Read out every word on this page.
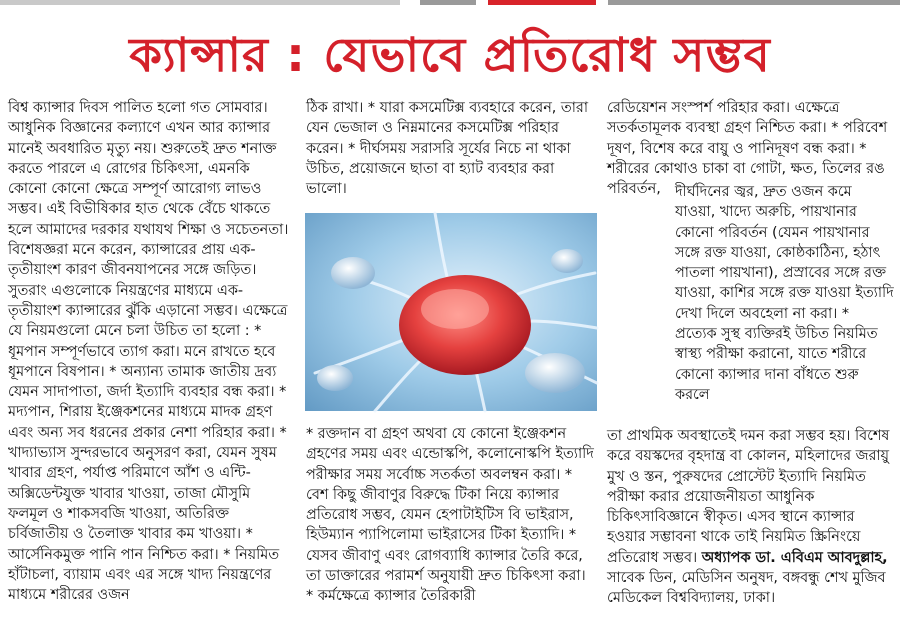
ক্যান্সার : যেভাবে প্রতিরোধ সম্ভব
বিশ্ব ক্যান্সার দিবস পালিত হলো গত সোমবার। আধুনিক বিজ্ঞানের কল্যাণে এখন আর ক্যান্সার মানেই অবধারিত মৃত্যু নয়। শুরুতেই দ্রুত শনাক্ত করতে পারলে এ রোগের চিকিৎসা, এমনকি কোনো কোনো ক্ষেত্রে সম্পূর্ণ আরোগ্য লাভও সম্ভব। এই বিভীষিকার হাত থেকে বেঁচে থাকতে হলে আমাদের দরকার যথাযথ শিক্ষা ও সচেতনতা। বিশেষজ্ঞরা মনে করেন, ক্যান্সারের প্রায় এক-তৃতীয়াংশ কারণ জীবনযাপনের সঙ্গে জড়িত। সুতরাং এগুলোকে নিয়ন্ত্রণের মাধ্যমে এক-তৃতীয়াংশ ক্যান্সারের ঝুঁকি এড়ানো সম্ভব। এক্ষেত্রে যে নিয়মগুলো মেনে চলা উচিত তা হলো : * ধূমপান সম্পূর্ণভাবে ত্যাগ করা। মনে রাখতে হবে ধূমপানে বিষপান। * অন্যান্য তামাক জাতীয় দ্রব্য যেমন সাদাপাতা, জর্দা ইত্যাদি ব্যবহার বন্ধ করা। * মদ্যপান, শিরায় ইঞ্জেকশনের মাধ্যমে মাদক গ্রহণ এবং অন্য সব ধরনের প্রকার নেশা পরিহার করা। * খাদ্যাভ্যাস সুন্দরভাবে অনুসরণ করা, যেমন সুষম খাবার গ্রহণ, পর্যাপ্ত পরিমাণে আঁশ ও এন্টি-অক্সিডেন্টযুক্ত খাবার খাওয়া, তাজা মৌসুমি ফলমূল ও শাকসবজি খাওয়া, অতিরিক্ত চর্বিজাতীয় ও তৈলাক্ত খাবার কম খাওয়া। * আর্সেনিকমুক্ত পানি পান নিশ্চিত করা। * নিয়মিত হাঁটাচলা, ব্যায়াম এবং এর সঙ্গে খাদ্য নিয়ন্ত্রণের মাধ্যমে শরীরের ওজন
ঠিক রাখা। * যারা কসমেটিক্স ব্যবহারে করেন, তারা যেন ভেজাল ও নিম্নমানের কসমেটিক্স পরিহার করেন। * দীর্ঘসময় সরাসরি সূর্যের নিচে না থাকা উচিত, প্রয়োজনে ছাতা বা হ্যাট ব্যবহার করা ভালো।
* রক্তদান বা গ্রহণ অথবা যে কোনো ইঞ্জেকশন গ্রহণের সময় এবং এন্ডোস্কপি, কলোনোস্কপি ইত্যাদি পরীক্ষার সময় সর্বোচ্চ সতর্কতা অবলম্বন করা। * বেশ কিছু জীবাণুর বিরুদ্ধে টিকা নিয়ে ক্যান্সার প্রতিরোধ সম্ভব, যেমন হেপাটাইটিস বি ভাইরাস, হিউম্যান প্যাপিলোমা ভাইরাসের টিকা ইত্যাদি। * যেসব জীবাণু এবং রোগব্যাধি ক্যান্সার তৈরি করে, তা ডাক্তারের পরামর্শ অনুযায়ী দ্রুত চিকিৎসা করা। * কর্মক্ষেত্রে ক্যান্সার তৈরিকারী
রেডিয়েশন সংস্পর্শ পরিহার করা। এক্ষেত্রে সতর্কতামূলক ব্যবস্থা গ্রহণ নিশ্চিত করা। * পরিবেশ দূষণ, বিশেষ করে বায়ু ও পানিদূষণ বন্ধ করা। * শরীরের কোথাও চাকা বা গোটা, ক্ষত, তিলের রঙ পরিবর্তন, দীর্ঘদিনের জ্বর, দ্রুত ওজন কমে যাওয়া, খাদ্যে অরুচি, পায়খানার কোনো পরিবর্তন (যেমন পায়খানার সঙ্গে রক্ত যাওয়া, কোষ্ঠকাঠিন্য, হঠাৎ পাতলা পায়খানা), প্রস্রাবের সঙ্গে রক্ত যাওয়া, কাশির সঙ্গে রক্ত যাওয়া ইত্যাদি দেখা দিলে অবহেলা না করা। * প্রত্যেক সুস্থ ব্যক্তিরই উচিত নিয়মিত স্বাস্থ্য পরীক্ষা করানো, যাতে শরীরে কোনো ক্যান্সার দানা বাঁধতে শুরু করলে
তা প্রাথমিক অবস্থাতেই দমন করা সম্ভব হয়। বিশেষ করে বয়স্কদের বৃহদান্ত্র বা কোলন, মহিলাদের জরায়ু মুখ ও স্তন, পুরুষদের প্রোস্টেট ইত্যাদি নিয়মিত পরীক্ষা করার প্রয়োজনীয়তা আধুনিক চিকিৎসাবিজ্ঞানে স্বীকৃত। এসব স্থানে ক্যান্সার হওয়ার সম্ভাবনা থাকে তাই নিয়মিত স্ক্রিনিংয়ে প্রতিরোধ সম্ভব। অধ্যাপক ডা. এবিএম আবদুল্লাহ, সাবেক ডিন, মেডিসিন অনুষদ, বঙ্গবন্ধু শেখ মুজিব মেডিকেল বিশ্ববিদ্যালয়, ঢাকা।
